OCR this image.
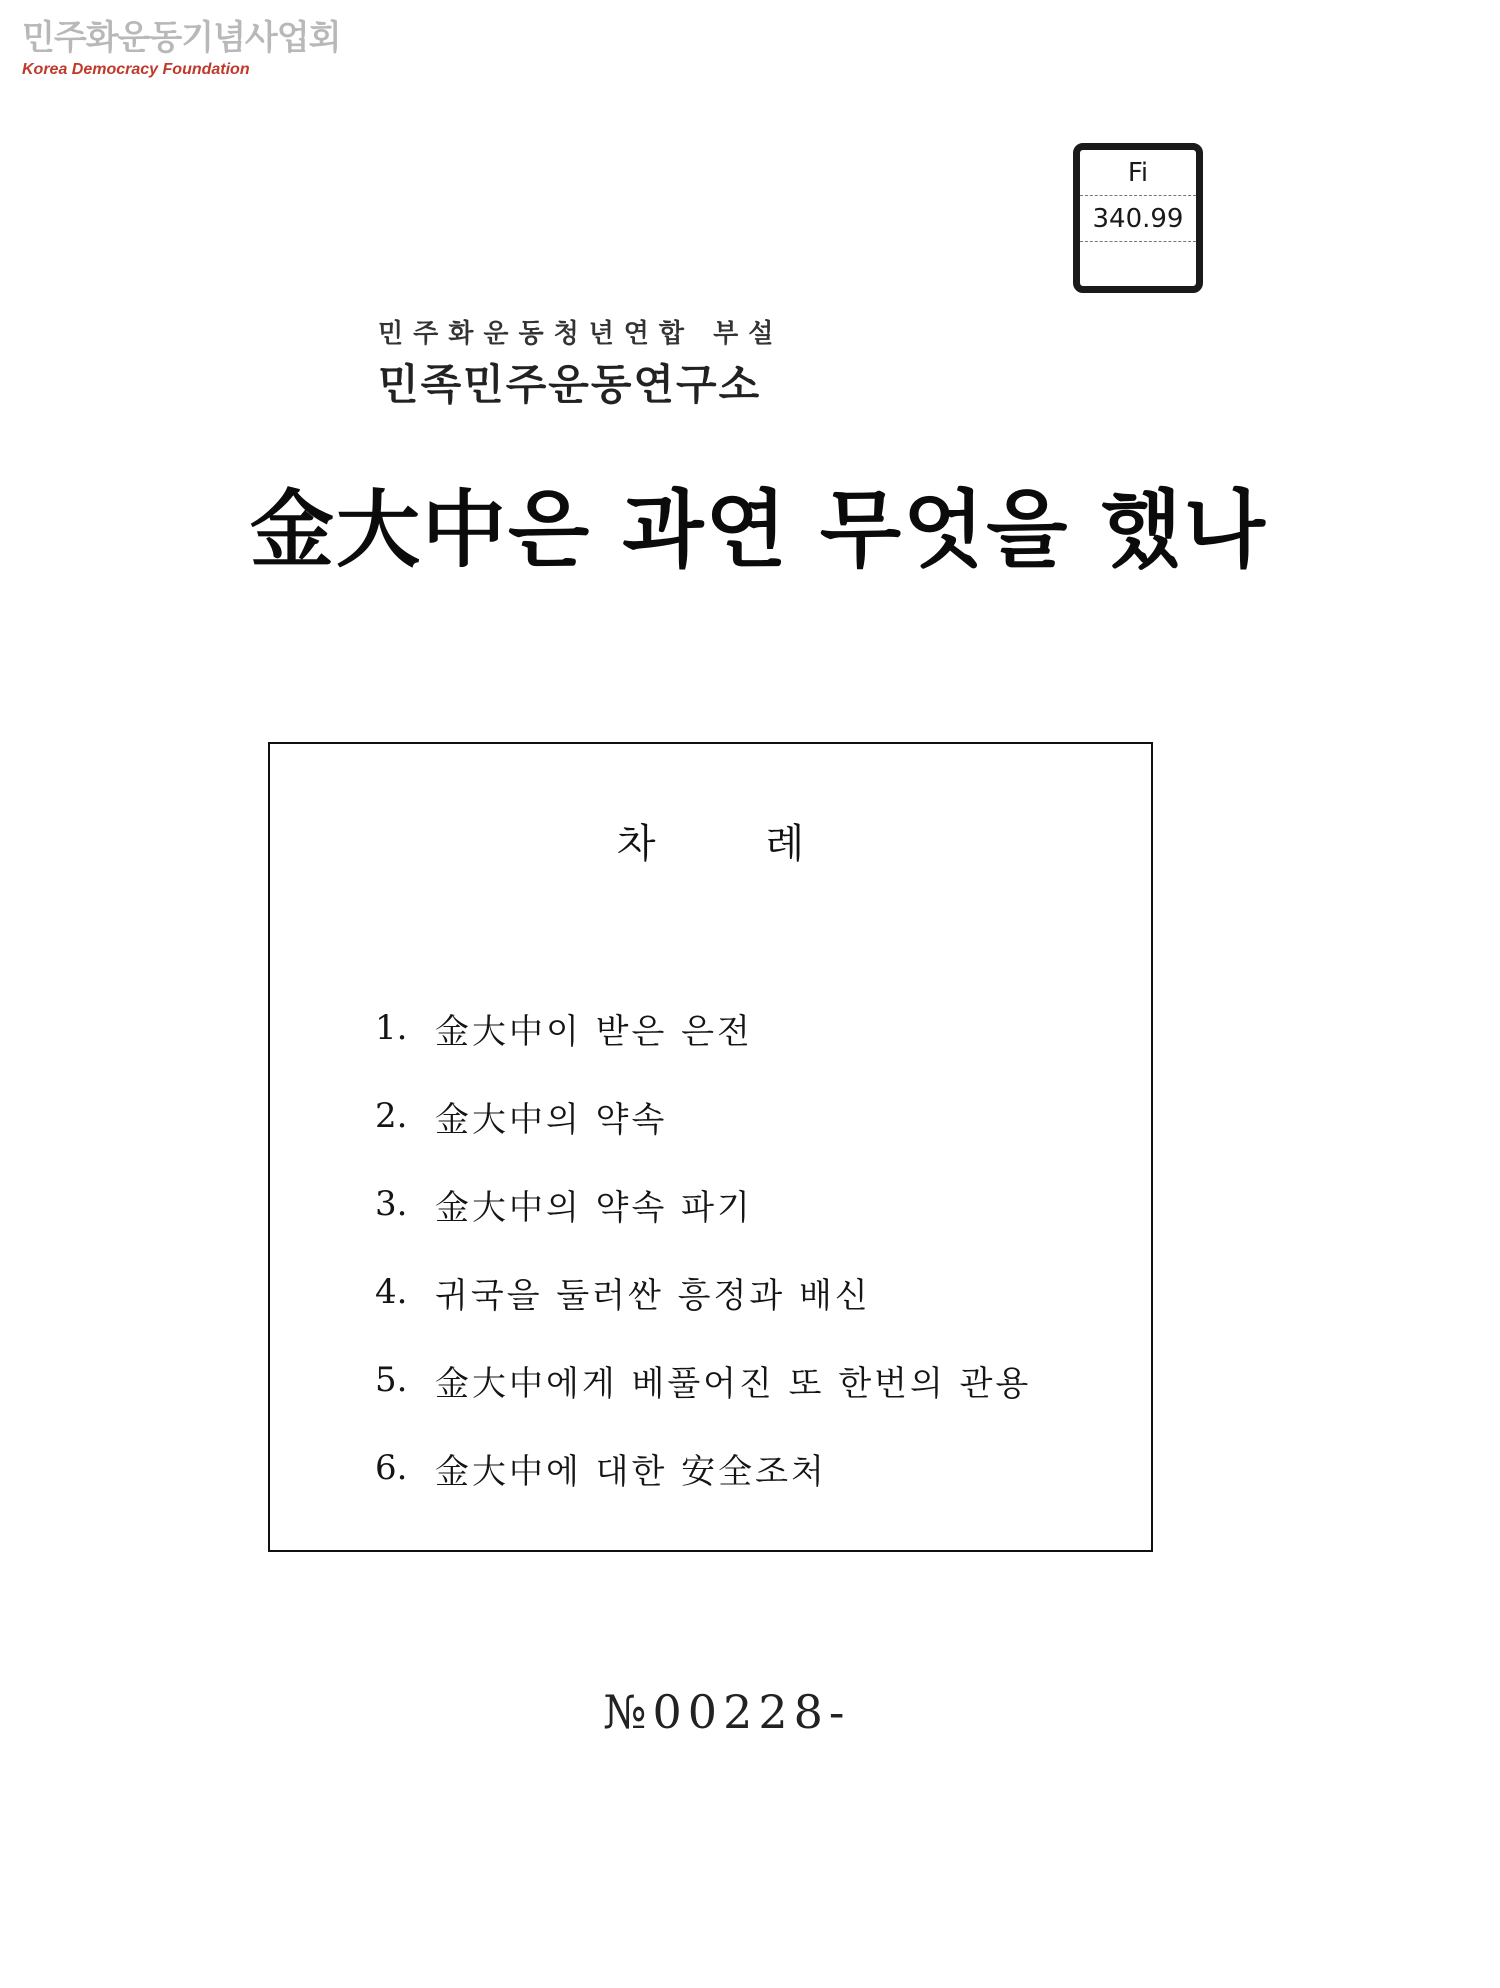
민주화운동기념사업회
Korea Democracy Foundation
Fi
340.99
민주화운동청년연합 부설
민족민주운동연구소
金大中은 과연 무엇을 했나
차례
1. 金大中이 받은 은전
2. 金大中의 약속
3. 金大中의 약속 파기
4. 귀국을 둘러싼 흥정과 배신
5. 金大中에게 베풀어진 또 한번의 관용
6. 金大中에 대한 安全조처
№00228-
